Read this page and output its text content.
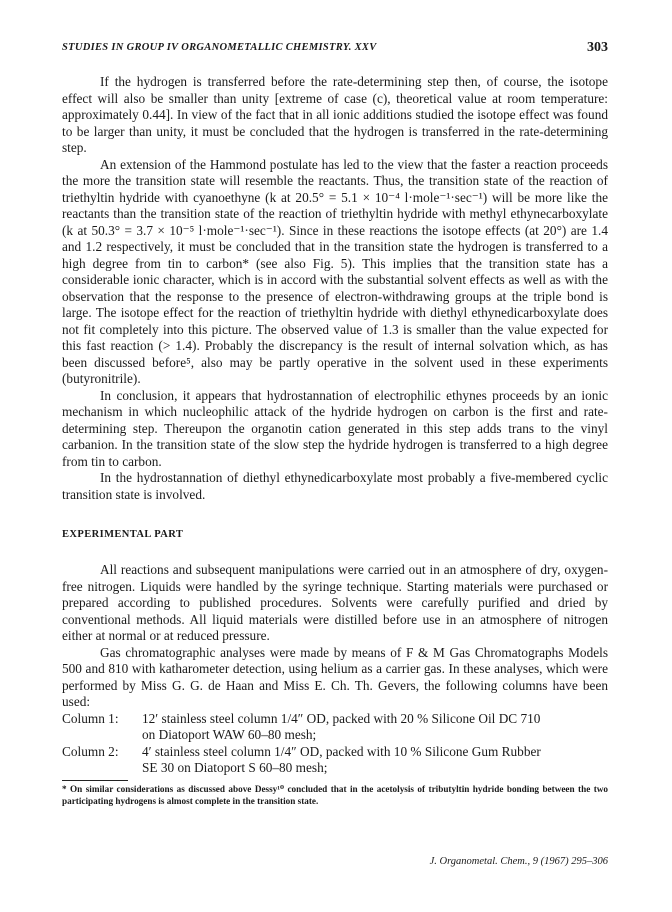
STUDIES IN GROUP IV ORGANOMETALLIC CHEMISTRY. XXV	303

If the hydrogen is transferred before the rate-determining step then, of course, the isotope effect will also be smaller than unity [extreme of case (c), theoretical value at room temperature: approximately 0.44]. In view of the fact that in all ionic additions studied the isotope effect was found to be larger than unity, it must be concluded that the hydrogen is transferred in the rate-determining step.

An extension of the Hammond postulate has led to the view that the faster a reaction proceeds the more the transition state will resemble the reactants. Thus, the transition state of the reaction of triethyltin hydride with cyanoethyne (k at 20.5° = 5.1 × 10⁻⁴ l·mole⁻¹·sec⁻¹) will be more like the reactants than the transition state of the reaction of triethyltin hydride with methyl ethynecarboxylate (k at 50.3° = 3.7 × 10⁻⁵ l·mole⁻¹·sec⁻¹). Since in these reactions the isotope effects (at 20°) are 1.4 and 1.2 respectively, it must be concluded that in the transition state the hydrogen is transferred to a high degree from tin to carbon* (see also Fig. 5). This implies that the transition state has a considerable ionic character, which is in accord with the substantial solvent effects as well as with the observation that the response to the presence of electron-withdrawing groups at the triple bond is large. The isotope effect for the reaction of triethyltin hydride with diethyl ethynedicarboxylate does not fit completely into this picture. The observed value of 1.3 is smaller than the value expected for this fast reaction (> 1.4). Probably the discrepancy is the result of internal solvation which, as has been discussed before⁵, also may be partly operative in the solvent used in these experiments (butyronitrile).

In conclusion, it appears that hydrostannation of electrophilic ethynes proceeds by an ionic mechanism in which nucleophilic attack of the hydride hydrogen on carbon is the first and rate-determining step. Thereupon the organotin cation generated in this step adds trans to the vinyl carbanion. In the transition state of the slow step the hydride hydrogen is transferred to a high degree from tin to carbon.

In the hydrostannation of diethyl ethynedicarboxylate most probably a five-membered cyclic transition state is involved.

EXPERIMENTAL PART

All reactions and subsequent manipulations were carried out in an atmosphere of dry, oxygen-free nitrogen. Liquids were handled by the syringe technique. Starting materials were purchased or prepared according to published procedures. Solvents were carefully purified and dried by conventional methods. All liquid materials were distilled before use in an atmosphere of nitrogen either at normal or at reduced pressure.

Gas chromatographic analyses were made by means of F & M Gas Chromatographs Models 500 and 810 with katharometer detection, using helium as a carrier gas. In these analyses, which were performed by Miss G. G. de Haan and Miss E. Ch. Th. Gevers, the following columns have been used:

Column 1:	12′ stainless steel column 1/4″ OD, packed with 20 % Silicone Oil DC 710
on Diatoport WAW 60–80 mesh;
Column 2:	4′ stainless steel column 1/4″ OD, packed with 10 % Silicone Gum Rubber
SE 30 on Diatoport S 60–80 mesh;
* On similar considerations as discussed above Dessy¹⁰ concluded that in the acetolysis of tributyltin hydride bonding between the two participating hydrogens is almost complete in the transition state.
J. Organometal. Chem., 9 (1967) 295–306
